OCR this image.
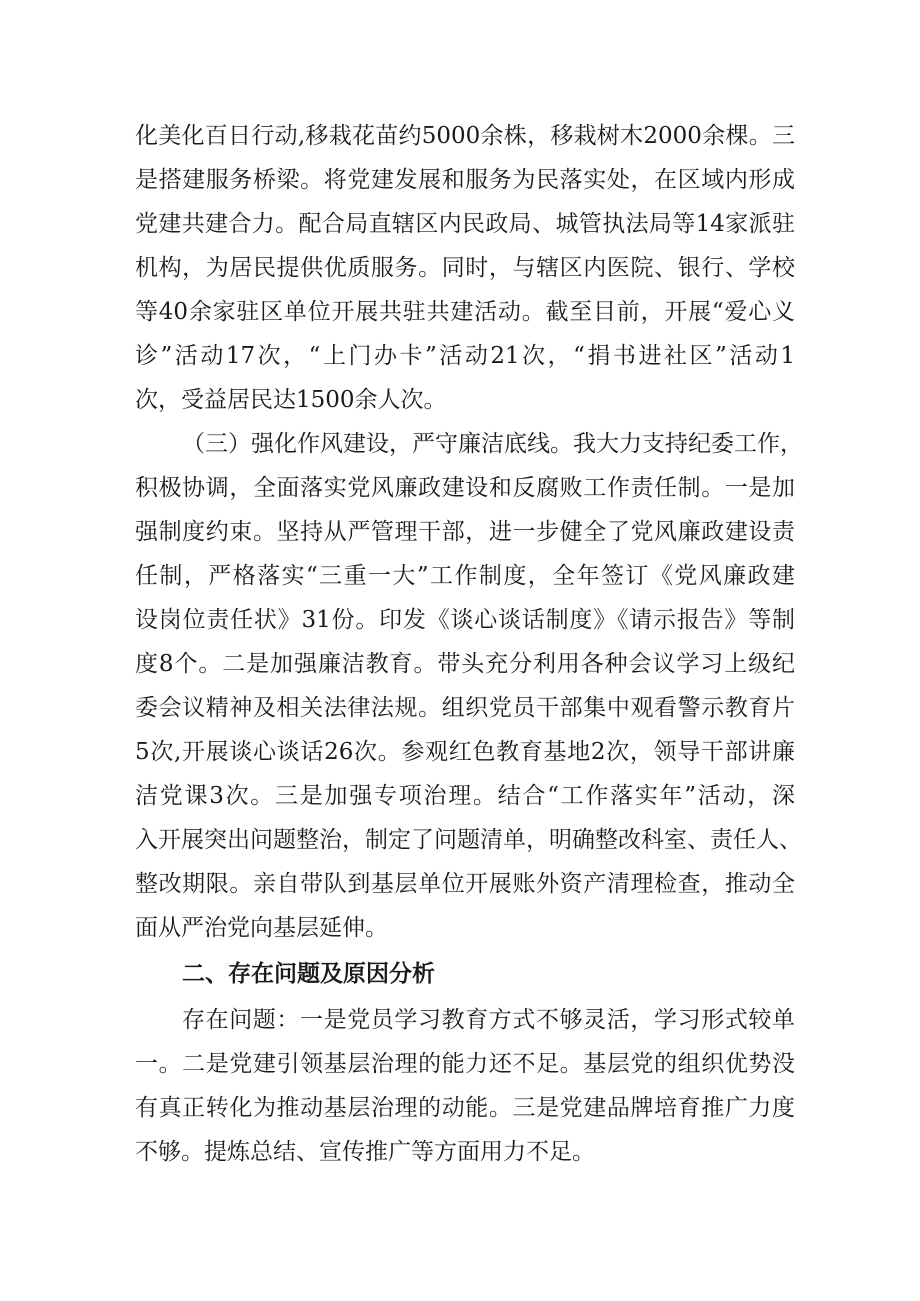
化美化百日行动,移栽花苗约5000余株，移栽树木2000余棵。三
是搭建服务桥梁。将党建发展和服务为民落实处，在区域内形成
党建共建合力。配合局直辖区内民政局、城管执法局等14家派驻
机构，为居民提供优质服务。同时，与辖区内医院、银行、学校
等40余家驻区单位开展共驻共建活动。截至目前，开展“爱心义
诊”活动17次，“上门办卡”活动21次，“捐书进社区”活动1
次，受益居民达1500余人次。
（三）强化作风建设，严守廉洁底线。我大力支持纪委工作，
积极协调，全面落实党风廉政建设和反腐败工作责任制。一是加
强制度约束。坚持从严管理干部，进一步健全了党风廉政建设责
任制，严格落实“三重一大”工作制度，全年签订《党风廉政建
设岗位责任状》31份。印发《谈心谈话制度》《请示报告》等制
度8个。二是加强廉洁教育。带头充分利用各种会议学习上级纪
委会议精神及相关法律法规。组织党员干部集中观看警示教育片
5次,开展谈心谈话26次。参观红色教育基地2次，领导干部讲廉
洁党课3次。三是加强专项治理。结合“工作落实年”活动，深
入开展突出问题整治，制定了问题清单，明确整改科室、责任人、
整改期限。亲自带队到基层单位开展账外资产清理检查，推动全
面从严治党向基层延伸。
二、存在问题及原因分析
存在问题：一是党员学习教育方式不够灵活，学习形式较单
一。二是党建引领基层治理的能力还不足。基层党的组织优势没
有真正转化为推动基层治理的动能。三是党建品牌培育推广力度
不够。提炼总结、宣传推广等方面用力不足。
